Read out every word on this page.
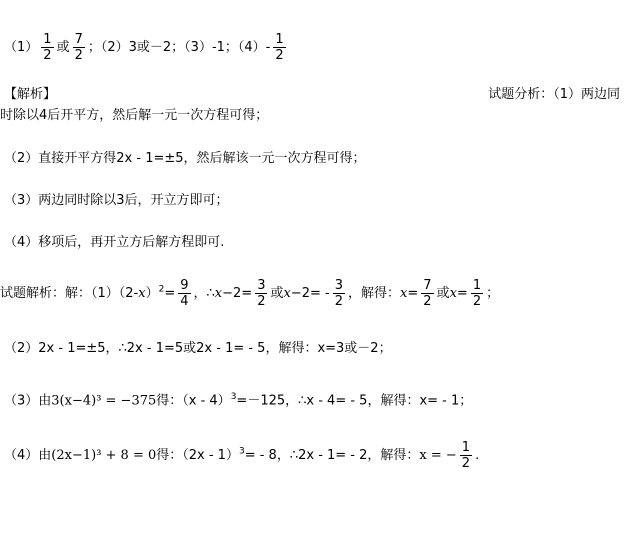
$(1) \frac{1}{2}$ 或 $\frac{7}{2}$ ；（2）3或－2；（3）-1；$(4)- \frac{1}{2}$
【解析】	试题分析：（1）两边同
时除以4后开平方，然后解一元一次方程可得；
（2）直接开平方得2x - 1=±5，然后解该一元一次方程可得；
（3）两边同时除以3后，开立方即可；
（4）移项后，再开立方后解方程即可.
试题解析：解：$(1)(2-x)^2= \frac{9}{4}$ ，∴x−2= $\frac{3}{2}$ 或$x-2= - \frac{3}{2}$ ，解得：$x= \frac{7}{2}$ 或$x= \frac{1}{2}$ ；
（2）2x - 1=±5，∴2x - 1=5或2x - 1= - 5，解得：x=3或－2；
（3）由3(x−4)³ = −375得：（x - 4）$^3$=－125，∴x - 4= - 5，解得：x= - 1；
（4）由(2x−1)³ + 8 = 0得：（2x - 1）$^3$= - 8，∴2x - 1= - 2，解得：x = − $\frac{1}{2}$ .
